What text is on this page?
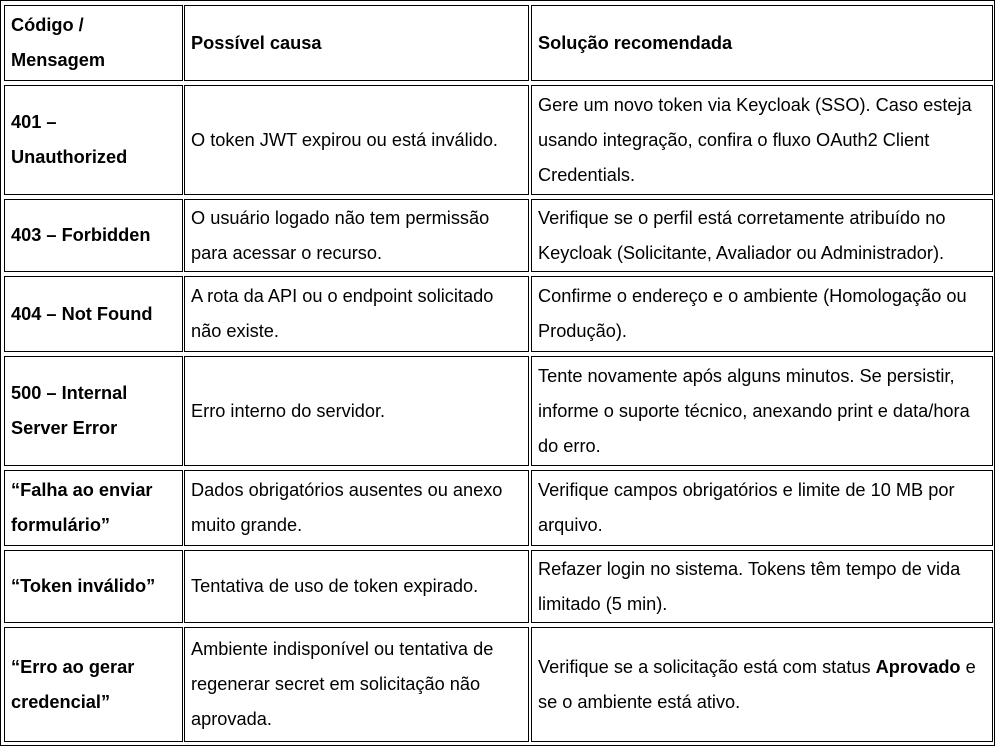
Código / Mensagem
Possível causa	Solução recomendada
401 – Unauthorized
O token JWT expirou ou está inválido.
Gere um novo token via Keycloak (SSO). Caso esteja usando integração, confira o fluxo OAuth2 Client Credentials.
403 – Forbidden
O usuário logado não tem permissão para acessar o recurso.
Verifique se o perfil está corretamente atribuído no Keycloak (Solicitante, Avaliador ou Administrador).
404 – Not Found
A rota da API ou o endpoint solicitado não existe.
Confirme o endereço e o ambiente (Homologação ou Produção).
500 – Internal Server Error
Erro interno do servidor.
Tente novamente após alguns minutos. Se persistir, informe o suporte técnico, anexando print e data/hora do erro.
“Falha ao enviar formulário”
Dados obrigatórios ausentes ou anexo muito grande.
Verifique campos obrigatórios e limite de 10 MB por arquivo.
“Token inválido” Tentativa de uso de token expirado.
Refazer login no sistema. Tokens têm tempo de vida limitado (5 min).
“Erro ao gerar credencial”
Ambiente indisponível ou tentativa de regenerar secret em solicitação não aprovada.
Verifique se a solicitação está com status Aprovado e se o ambiente está ativo.
